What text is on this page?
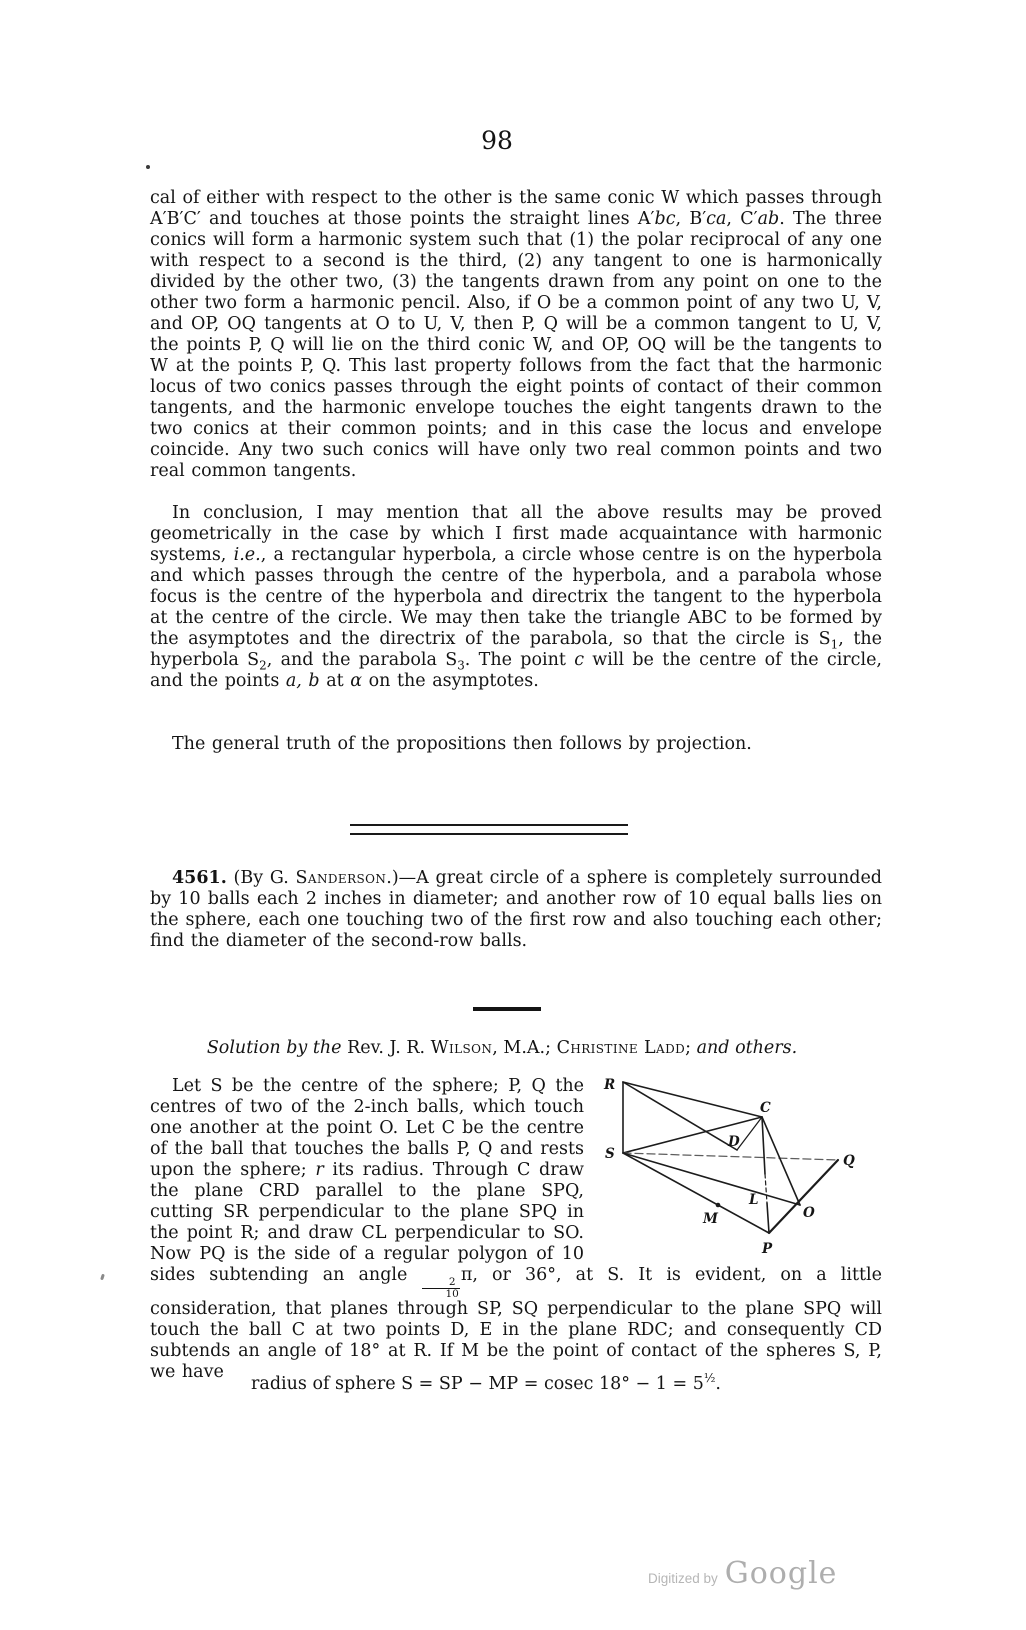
98
cal of either with respect to the other is the same conic W which passes through A′B′C′ and touches at those points the straight lines A′bc, B′ca, C′ab. The three conics will form a harmonic system such that (1) the polar reciprocal of any one with respect to a second is the third, (2) any tangent to one is harmonically divided by the other two, (3) the tangents drawn from any point on one to the other two form a harmonic pencil. Also, if O be a common point of any two U, V, and OP, OQ tangents at O to U, V, then P, Q will be a common tangent to U, V, the points P, Q will lie on the third conic W, and OP, OQ will be the tangents to W at the points P, Q. This last property follows from the fact that the harmonic locus of two conics passes through the eight points of contact of their common tangents, and the harmonic envelope touches the eight tangents drawn to the two conics at their common points; and in this case the locus and envelope coincide. Any two such conics will have only two real common points and two real common tangents.
In conclusion, I may mention that all the above results may be proved geometrically in the case by which I first made acquaintance with harmonic systems, i.e., a rectangular hyperbola, a circle whose centre is on the hyperbola and which passes through the centre of the hyperbola, and a parabola whose focus is the centre of the hyperbola and directrix the tangent to the hyperbola at the centre of the circle. We may then take the triangle ABC to be formed by the asymptotes and the directrix of the parabola, so that the circle is $S_1$, the hyperbola $S_2$, and the parabola $S_3$. The point c will be the centre of the circle, and the points a, b at α on the asymptotes.
The general truth of the propositions then follows by projection.
4561. (By G. Sanderson.)—A great circle of a sphere is completely surrounded by 10 balls each 2 inches in diameter; and another row of 10 equal balls lies on the sphere, each one touching two of the first row and also touching each other; find the diameter of the second-row balls.
Solution by the Rev. J. R. Wilson, M.A.; Christine Ladd; and others.
R
S
C
D
Q
L
O
M
P
Let S be the centre of the sphere; P, Q the centres of two of the 2-inch balls, which touch one another at the point O. Let C be the centre of the ball that touches the balls P, Q and rests upon the sphere; r its radius. Through C draw the plane CRD parallel to the plane SPQ, cutting SR perpendicular to the plane SPQ in the point R; and draw CL perpendicular to SO. Now PQ is the side of a regular polygon of 10 sides subtending an angle
$\frac{2}{10}$
π, or 36°, at S. It is evident, on a little consideration, that planes through SP, SQ perpendicular to the plane SPQ will touch the ball C at two points D, E in the plane RDC; and consequently CD subtends an angle of 18° at R. If M be the point of contact of the spheres S, P, we have
radius of sphere S = SP − MP = cosec $18^\circ - 1 = 5^{\frac{1}{2}}$.
Digitized by Google
